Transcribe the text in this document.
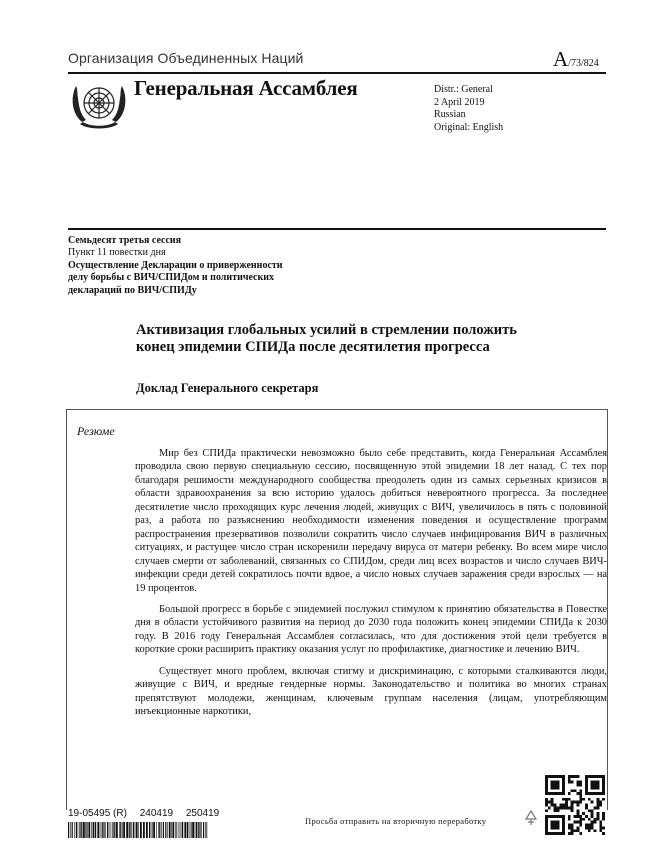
Организация Объединенных Наций	A/73/824
Генеральная Ассамблея	Distr.: General
2 April 2019
Russian
Original: English
Семьдесят третья сессия
Пункт 11 повестки дня
Осуществление Декларации о приверженности
делу борьбы с ВИЧ/СПИДом и политических
деклараций по ВИЧ/СПИДу
Активизация глобальных усилий в стремлении положить конец эпидемии СПИДа после десятилетия прогресса
Доклад Генерального секретаря
Резюме

Мир без СПИДа практически невозможно было себе представить, когда Генеральная Ассамблея проводила свою первую специальную сессию, посвященную этой эпидемии 18 лет назад. С тех пор благодаря решимости международного сообщества преодолеть один из самых серьезных кризисов в области здравоохранения за всю историю удалось добиться невероятного прогресса. За последнее десятилетие число проходящих курс лечения людей, живущих с ВИЧ, увеличилось в пять с половиной раз, а работа по разъяснению необходимости изменения поведения и осуществление программ распространения презервативов позволили сократить число случаев инфицирования ВИЧ в различных ситуациях, и растущее число стран искоренили передачу вируса от матери ребенку. Во всем мире число случаев смерти от заболеваний, связанных со СПИДом, среди лиц всех возрастов и число случаев ВИЧ-инфекции среди детей сократилось почти вдвое, а число новых случаев заражения среди взрослых — на 19 процентов.

Большой прогресс в борьбе с эпидемией послужил стимулом к принятию обязательства в Повестке дня в области устойчивого развития на период до 2030 года положить конец эпидемии СПИДа к 2030 году. В 2016 году Генеральная Ассамблея согласилась, что для достижения этой цели требуется в короткие сроки расширить практику оказания услуг по профилактике, диагностике и лечению ВИЧ.

Существует много проблем, включая стигму и дискриминацию, с которыми сталкиваются люди, живущие с ВИЧ, и вредные гендерные нормы. Законодательство и политика во многих странах препятствуют молодежи, женщинам, ключевым группам населения (лицам, употребляющим инъекционные наркотики,

19-05495 (R) 240419 250419
Просьба отправить на вторичную переработку
